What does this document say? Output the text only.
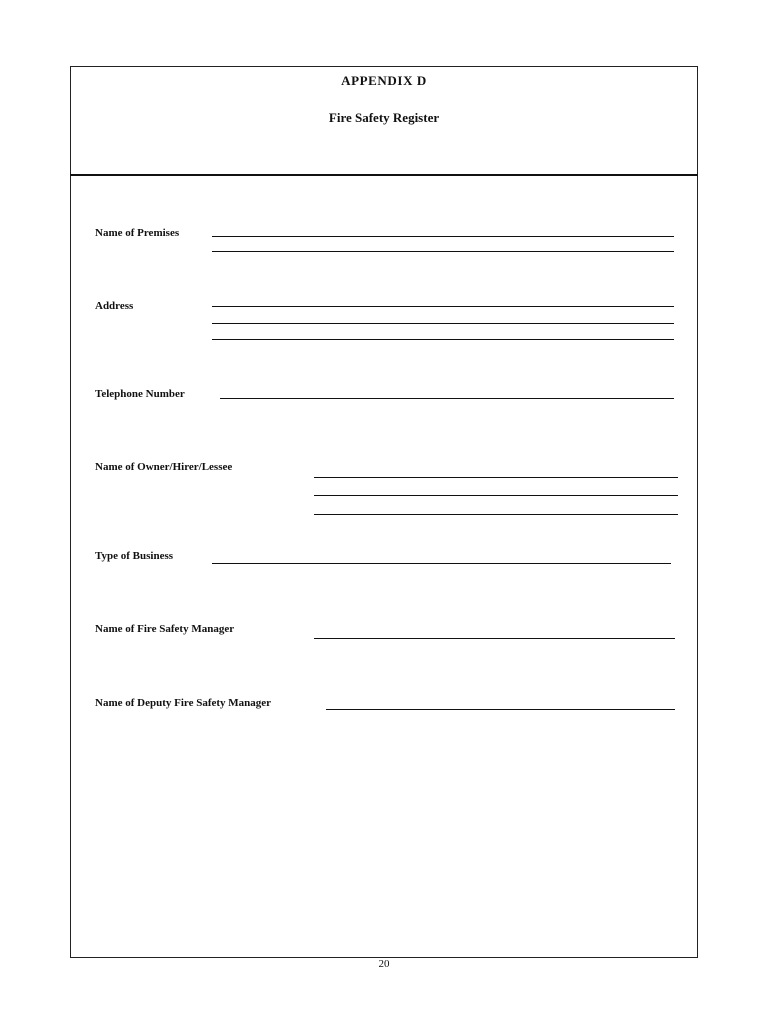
APPENDIX D
Fire Safety Register

Name of Premises

Address

Telephone Number

Name of Owner/Hirer/Lessee

Type of Business

Name of Fire Safety Manager

Name of Deputy Fire Safety Manager

20
